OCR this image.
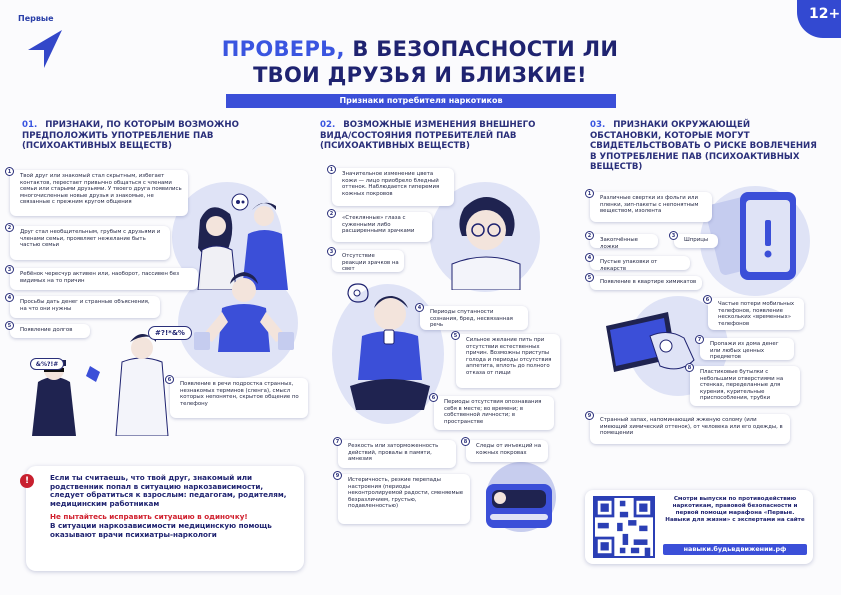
Первые	12+
ПРОВЕРЬ, В БЕЗОПАСНОСТИ ЛИ
ТВОИ ДРУЗЬЯ И БЛИЗКИЕ!
Признаки потребителя наркотиков
01. ПРИЗНАКИ, ПО КОТОРЫМ ВОЗМОЖНО ПРЕДПОЛОЖИТЬ УПОТРЕБЛЕНИЕ ПАВ (ПСИХОАКТИВНЫХ ВЕЩЕСТВ)
02. ВОЗМОЖНЫЕ ИЗМЕНЕНИЯ ВНЕШНЕГО ВИДА/СОСТОЯНИЯ ПОТРЕБИТЕЛЕЙ ПАВ (ПСИХОАКТИВНЫХ ВЕЩЕСТВ)
03. ПРИЗНАКИ ОКРУЖАЮЩЕЙ ОБСТАНОВКИ, КОТОРЫЕ МОГУТ СВИДЕТЕЛЬСТВОВАТЬ О РИСКЕ ВОВЛЕЧЕНИЯ В УПОТРЕБЛЕНИЕ ПАВ (ПСИХОАКТИВНЫХ ВЕЩЕСТВ)
#?!*&%
&%?!#
1
Твой друг или знакомый стал скрытным, избегает контактов, перестает привычно общаться с членами семьи или старыми друзьями. У твоего друга появились многочисленные новые друзья и знакомые, не связанные с прежним кругом общения
2
Друг стал необщительным, грубым с друзьями и членами семьи, проявляет нежелание быть частью семьи
3
Ребёнок чересчур активен или, наоборот, пассивен без видимых на то причин
4
Просьбы дать денег и странные объяснения, на что они нужны
5
Появление долгов
6
Появление в речи подростка странных, незнакомых терминов (сленга), смысл которых непонятен, скрытое общение по телефону
1
Значительное изменение цвета кожи — лицо приобрело бледный оттенок. Наблюдается гиперемия кожных покровов
2
«Стеклянные» глаза с суженными либо расширенными зрачками
3
Отсутствие реакции зрачков на свет
4
Периоды спутанности сознания, бред, несвязанная речь
5
Сильное желание пить при отсутствии естественных причин. Возможны приступы голода и периоды отсутствия аппетита, вплоть до полного отказа от пищи
6
Периоды отсутствия опознавания себя в месте; во времени; в собственной личности; в пространстве
7
Резкость или заторможенность действий, провалы в памяти, амнезия
8
Следы от инъекций на кожных покровах
9
Истеричность, резкие перепады настроения (периоды неконтролируемой радости, сменяемые безразличием, грустью, подавленностью)
1
Различные свертки из фольги или пленки, зип-пакеты с непонятным веществом, изолента
2
Закопчённые ложки
3
Шприцы
4
Пустые упаковки от лекарств
5
Появление в квартире химикатов
6
Частые потери мобильных телефонов, появление нескольких «временных» телефонов
7
Пропажи из дома денег или любых ценных предметов
8
Пластиковые бутылки с небольшими отверстиями на стенках, переделанные для курения, курительные приспособления, трубки
9
Странный запах, напоминающий жженую солому (или имеющий химический оттенок), от человека или его одежды, в помещении
!	Если ты считаешь, что твой друг, знакомый или родственник попал в ситуацию наркозависимости, следует обратиться к взрослым: педагогам, родителям, медицинским работникам
Не пытайтесь исправить ситуацию в одиночку!
В ситуации наркозависимости медицинскую помощь оказывают врачи психиатры-наркологи
Смотри выпуски по противодействию наркотикам, правовой безопасности и первой помощи марафона «Первые. Навыки для жизни» с экспертами на сайте
навыки.будьвдвижении.рф
